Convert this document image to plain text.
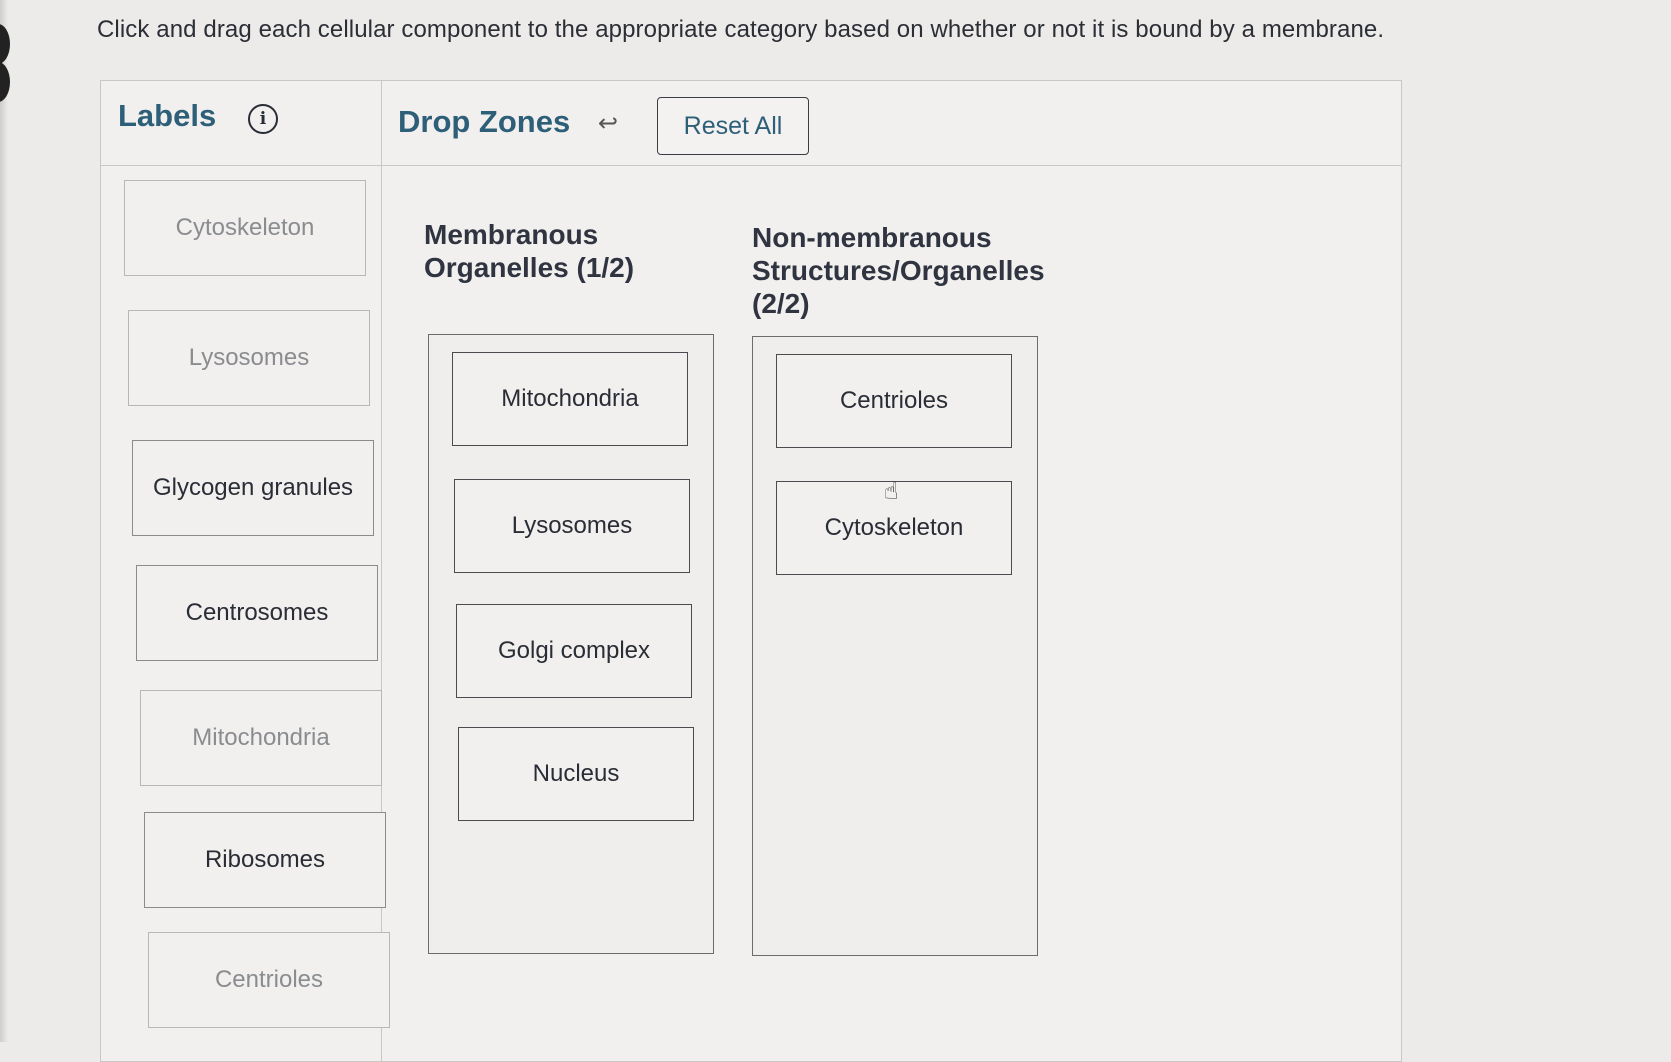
Click and drag each cellular component to the appropriate category based on whether or not it is bound by a membrane.
Labels	i	Drop Zones ↩	Reset All
Cytoskeleton
Lysosomes
Glycogen granules
Centrosomes
Mitochondria
Ribosomes
Centrioles
Membranous
Organelles (1/2)
Non-membranous
Structures/Organelles
(2/2)
Mitochondria
Lysosomes
Golgi complex
Nucleus
Centrioles
Cytoskeleton
☝
